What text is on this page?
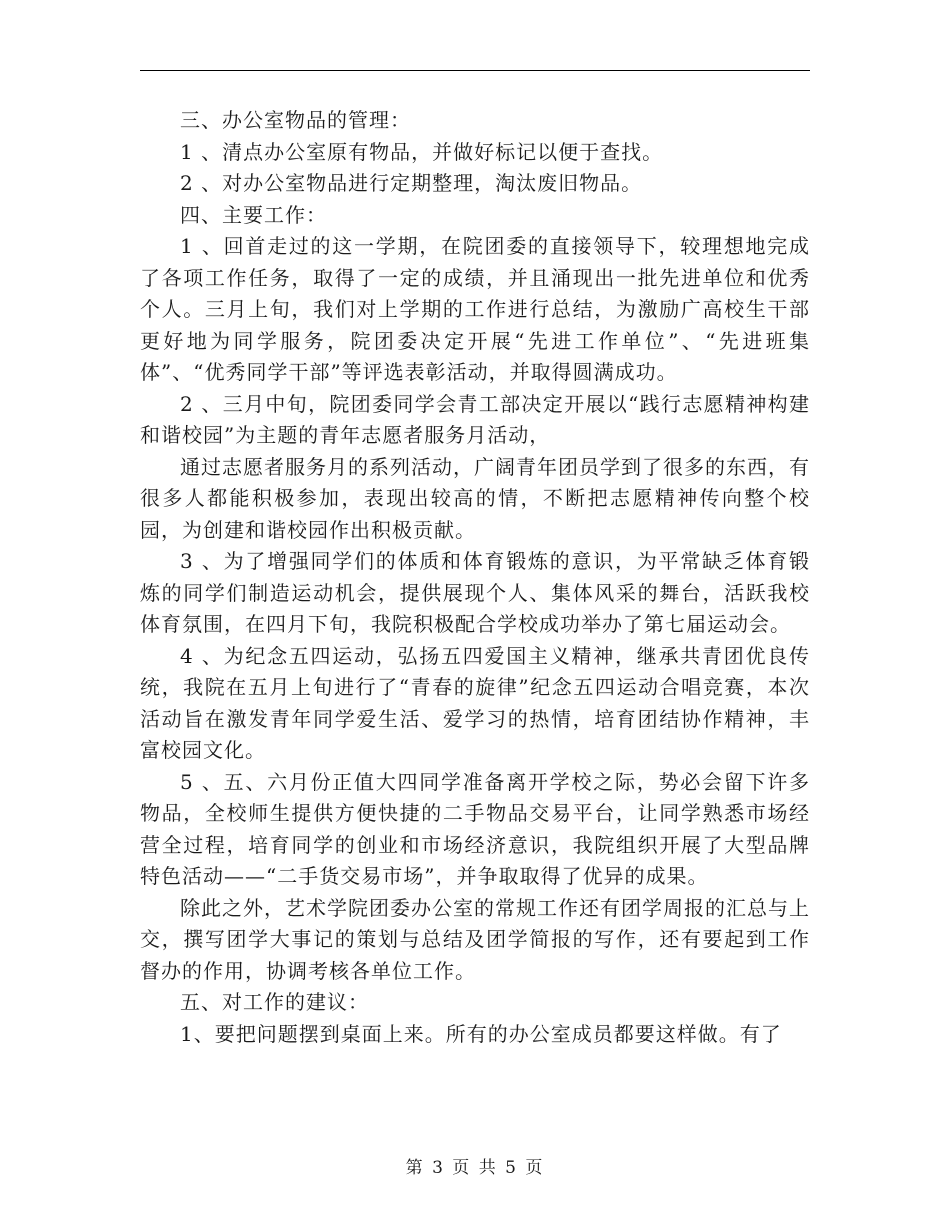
三、办公室物品的管理：

1 、清点办公室原有物品，并做好标记以便于查找。

2 、对办公室物品进行定期整理，淘汰废旧物品。

四、主要工作：

1 、回首走过的这一学期，在院团委的直接领导下，较理想地完成了各项工作任务，取得了一定的成绩，并且涌现出一批先进单位和优秀个人。三月上旬，我们对上学期的工作进行总结，为激励广高校生干部更好地为同学服务，院团委决定开展“先进工作单位”、“先进班集体”、“优秀同学干部”等评选表彰活动，并取得圆满成功。

2 、三月中旬，院团委同学会青工部决定开展以“践行志愿精神构建和谐校园”为主题的青年志愿者服务月活动，

通过志愿者服务月的系列活动，广阔青年团员学到了很多的东西，有很多人都能积极参加，表现出较高的情，不断把志愿精神传向整个校园，为创建和谐校园作出积极贡献。

3 、为了增强同学们的体质和体育锻炼的意识，为平常缺乏体育锻炼的同学们制造运动机会，提供展现个人、集体风采的舞台，活跃我校体育氛围，在四月下旬，我院积极配合学校成功举办了第七届运动会。

4 、为纪念五四运动，弘扬五四爱国主义精神，继承共青团优良传统，我院在五月上旬进行了“青春的旋律”纪念五四运动合唱竞赛，本次活动旨在激发青年同学爱生活、爱学习的热情，培育团结协作精神，丰富校园文化。

5 、五、六月份正值大四同学准备离开学校之际，势必会留下许多物品，全校师生提供方便快捷的二手物品交易平台，让同学熟悉市场经营全过程，培育同学的创业和市场经济意识，我院组织开展了大型品牌特色活动——“二手货交易市场”，并争取取得了优异的成果。

除此之外，艺术学院团委办公室的常规工作还有团学周报的汇总与上交，撰写团学大事记的策划与总结及团学简报的写作，还有要起到工作督办的作用，协调考核各单位工作。

五、对工作的建议：

1、要把问题摆到桌面上来。所有的办公室成员都要这样做。有了

第 3 页 共 5 页
